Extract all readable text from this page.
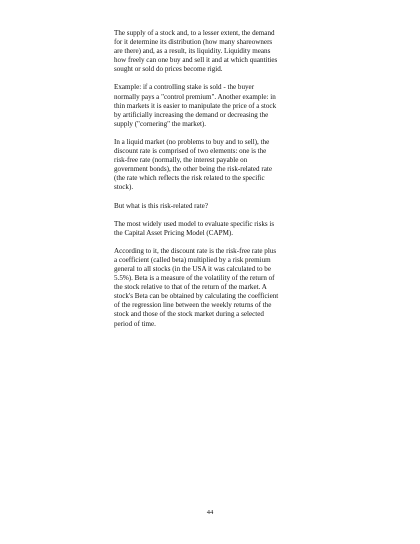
The supply of a stock and, to a lesser extent, the demand
for it determine its distribution (how many shareowners
are there) and, as a result, its liquidity. Liquidity means
how freely can one buy and sell it and at which quantities
sought or sold do prices become rigid.

Example: if a controlling stake is sold - the buyer
normally pays a "control premium". Another example: in
thin markets it is easier to manipulate the price of a stock
by artificially increasing the demand or decreasing the
supply ("cornering" the market).

In a liquid market (no problems to buy and to sell), the
discount rate is comprised of two elements: one is the
risk-free rate (normally, the interest payable on
government bonds), the other being the risk-related rate
(the rate which reflects the risk related to the specific
stock).

But what is this risk-related rate?

The most widely used model to evaluate specific risks is
the Capital Asset Pricing Model (CAPM).

According to it, the discount rate is the risk-free rate plus
a coefficient (called beta) multiplied by a risk premium
general to all stocks (in the USA it was calculated to be
5.5%). Beta is a measure of the volatility of the return of
the stock relative to that of the return of the market. A
stock's Beta can be obtained by calculating the coefficient
of the regression line between the weekly returns of the
stock and those of the stock market during a selected
period of time.

44
